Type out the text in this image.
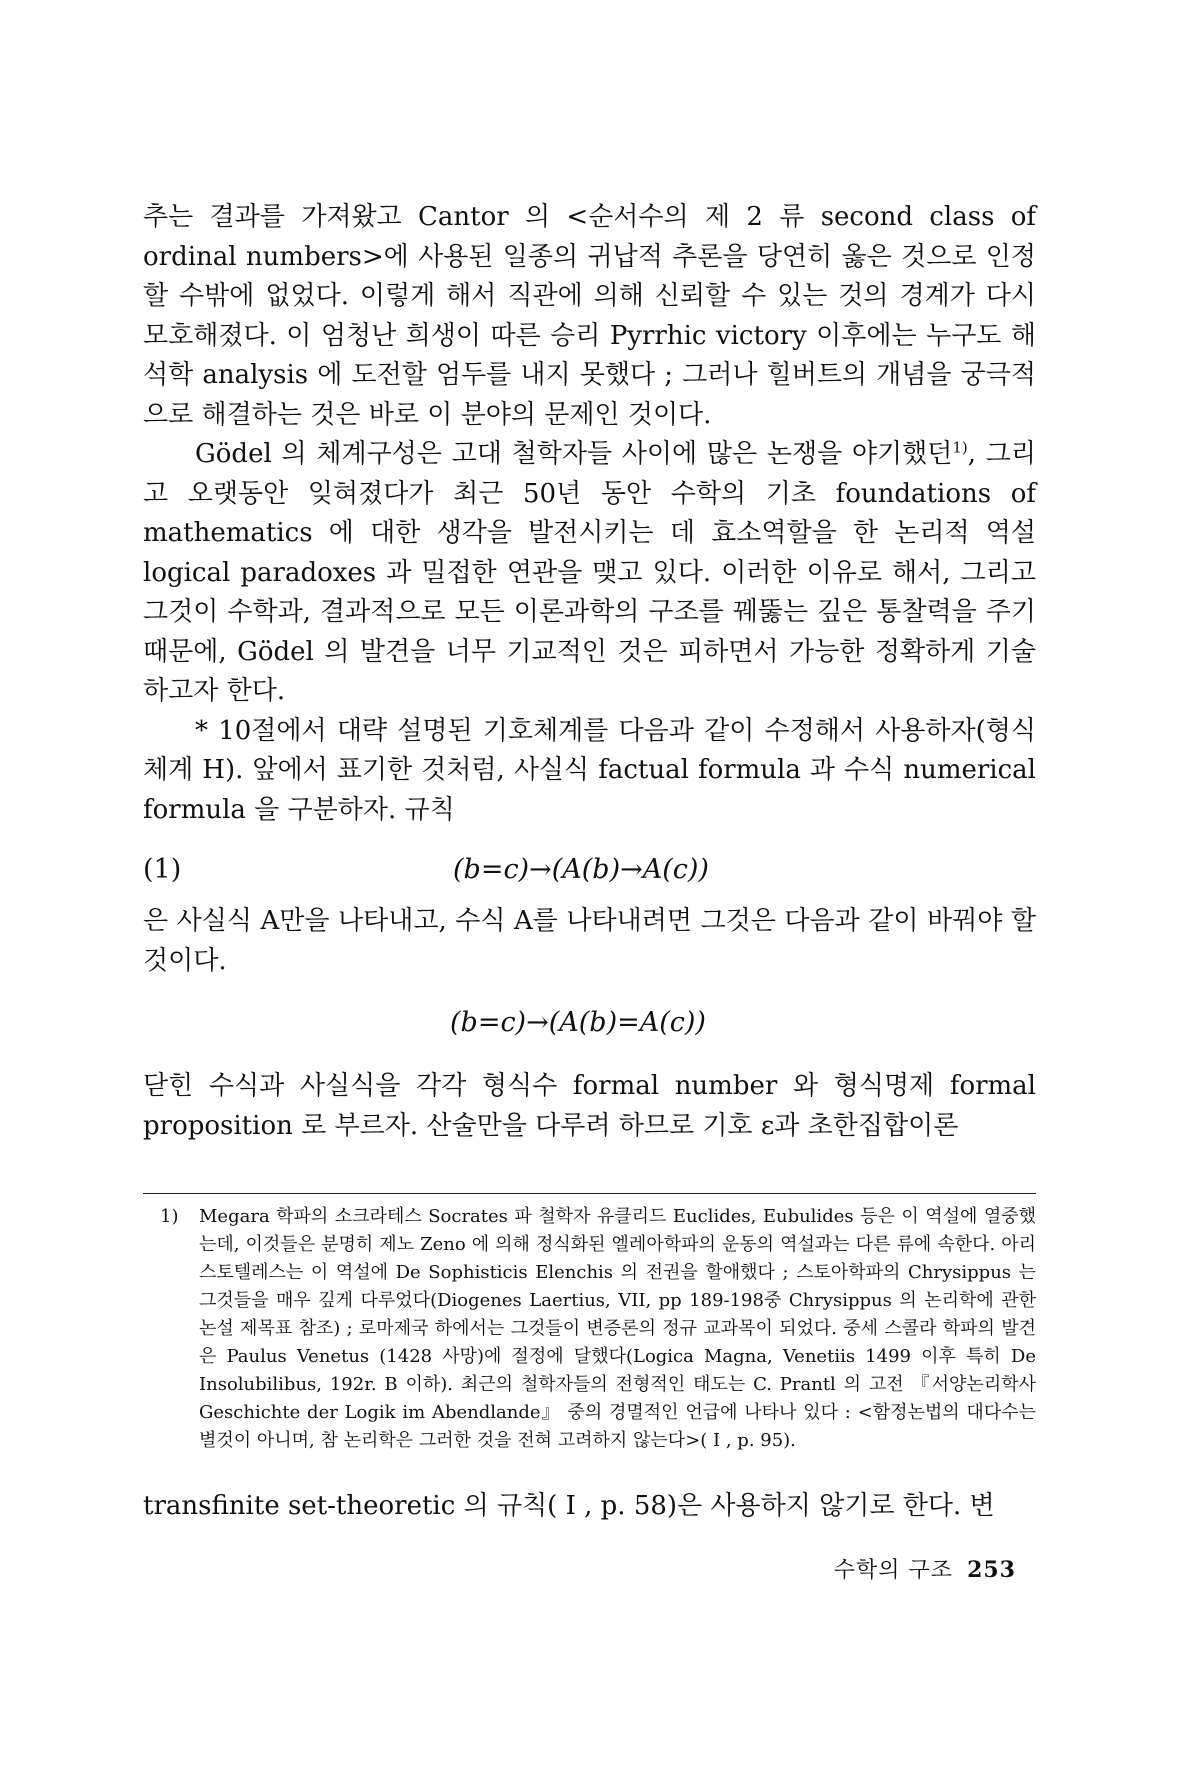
추는 결과를 가져왔고 Cantor 의 <순서수의 제 2 류 second class of ordinal numbers>에 사용된 일종의 귀납적 추론을 당연히 옳은 것으로 인정할 수밖에 없었다. 이렇게 해서 직관에 의해 신뢰할 수 있는 것의 경계가 다시 모호해졌다. 이 엄청난 희생이 따른 승리 Pyrrhic victory 이후에는 누구도 해석학 analysis 에 도전할 엄두를 내지 못했다 ; 그러나 힐버트의 개념을 궁극적으로 해결하는 것은 바로 이 분야의 문제인 것이다.

Gödel 의 체계구성은 고대 철학자들 사이에 많은 논쟁을 야기했던$^{1)}$, 그리고 오랫동안 잊혀졌다가 최근 50년 동안 수학의 기초 foundations of mathematics 에 대한 생각을 발전시키는 데 효소역할을 한 논리적 역설 logical paradoxes 과 밀접한 연관을 맺고 있다. 이러한 이유로 해서, 그리고 그것이 수학과, 결과적으로 모든 이론과학의 구조를 꿰뚫는 깊은 통찰력을 주기 때문에, Gödel 의 발견을 너무 기교적인 것은 피하면서 가능한 정확하게 기술하고자 한다.

* 10절에서 대략 설명된 기호체계를 다음과 같이 수정해서 사용하자(형식체계 H). 앞에서 표기한 것처럼, 사실식 factual formula 과 수식 numerical formula 을 구분하자. 규칙

(1)	(b=c)→(A(b)→A(c))

은 사실식 A만을 나타내고, 수식 A를 나타내려면 그것은 다음과 같이 바꿔야 할 것이다.

(b=c)→(A(b)=A(c))

닫힌 수식과 사실식을 각각 형식수 formal number 와 형식명제 formal proposition 로 부르자. 산술만을 다루려 하므로 기호 ε과 초한집합이론

1) Megara 학파의 소크라테스 Socrates 파 철학자 유클리드 Euclides, Eubulides 등은 이 역설에 열중했는데, 이것들은 분명히 제노 Zeno 에 의해 정식화된 엘레아학파의 운동의 역설과는 다른 류에 속한다. 아리스토텔레스는 이 역설에 De Sophisticis Elenchis 의 전권을 할애했다 ; 스토아학파의 Chrysippus 는 그것들을 매우 깊게 다루었다(Diogenes Laertius, VII, pp 189-198중 Chrysippus 의 논리학에 관한 논설 제목표 참조) ; 로마제국 하에서는 그것들이 변증론의 정규 교과목이 되었다. 중세 스콜라 학파의 발견은 Paulus Venetus (1428 사망)에 절정에 달했다(Logica Magna, Venetiis 1499 이후 특히 De Insolubilibus, 192r. B 이하). 최근의 철학자들의 전형적인 태도는 C. Prantl 의 고전 『서양논리학사 Geschichte der Logik im Abendlande』 중의 경멸적인 언급에 나타나 있다 : <함정논법의 대다수는 별것이 아니며, 참 논리학은 그러한 것을 전혀 고려하지 않는다>( I , p. 95).
transfinite set-theoretic 의 규칙( I , p. 58)은 사용하지 않기로 한다. 변
수학의 구조 253
